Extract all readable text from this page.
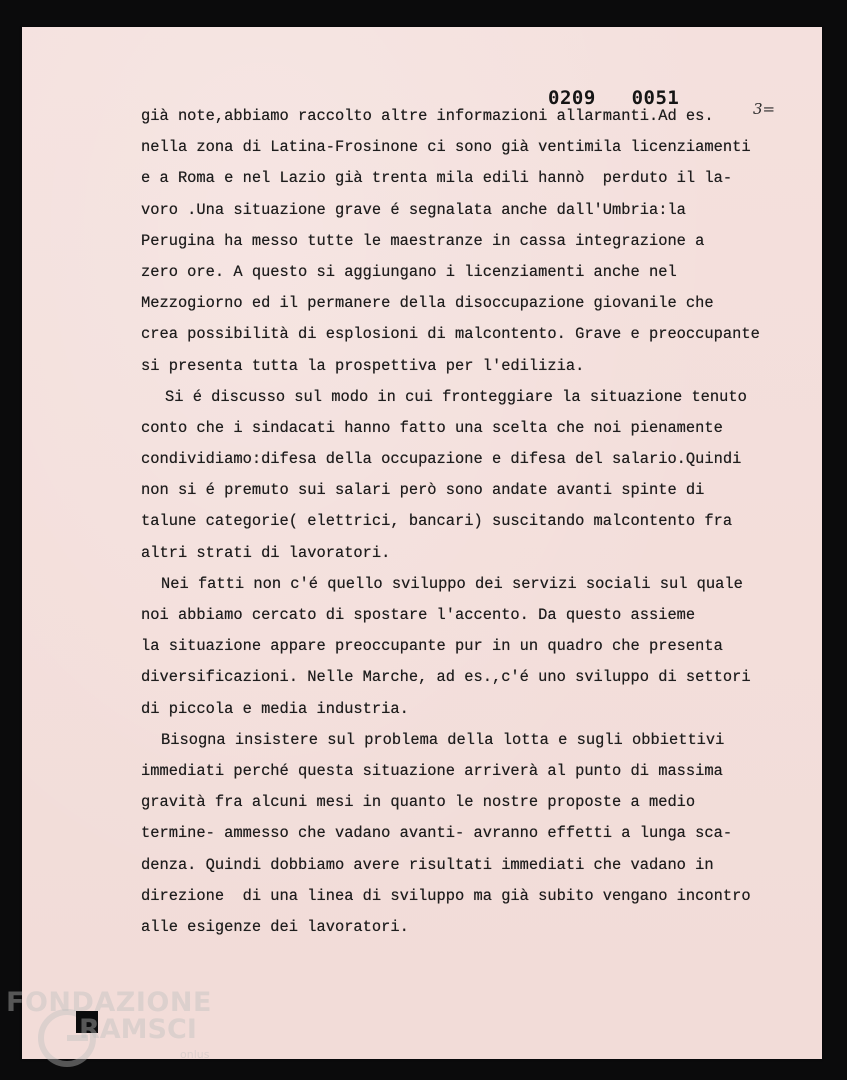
0209   0051	3=
già note,abbiamo raccolto altre informazioni allarmanti.Ad es.
nella zona di Latina-Frosinone ci sono già ventimila licenziamenti
e a Roma e nel Lazio già trenta mila edili hannò  perduto il la-
voro .Una situazione grave é segnalata anche dall'Umbria:la
Perugina ha messo tutte le maestranze in cassa integrazione a
zero ore. A questo si aggiungano i licenziamenti anche nel
Mezzogiorno ed il permanere della disoccupazione giovanile che
crea possibilità di esplosioni di malcontento. Grave e preoccupante
si presenta tutta la prospettiva per l'edilizia.
Si é discusso sul modo in cui fronteggiare la situazione tenuto
conto che i sindacati hanno fatto una scelta che noi pienamente
condividiamo:difesa della occupazione e difesa del salario.Quindi
non si é premuto sui salari però sono andate avanti spinte di
talune categorie( elettrici, bancari) suscitando malcontento fra
altri strati di lavoratori.
Nei fatti non c'é quello sviluppo dei servizi sociali sul quale
noi abbiamo cercato di spostare l'accento. Da questo assieme
la situazione appare preoccupante pur in un quadro che presenta
diversificazioni. Nelle Marche, ad es.,c'é uno sviluppo di settori
di piccola e media industria.
Bisogna insistere sul problema della lotta e sugli obbiettivi
immediati perché questa situazione arriverà al punto di massima
gravità fra alcuni mesi in quanto le nostre proposte a medio
termine- ammesso che vadano avanti- avranno effetti a lunga sca-
denza. Quindi dobbiamo avere risultati immediati che vadano in
direzione  di una linea di sviluppo ma già subito vengano incontro
alle esigenze dei lavoratori.
FONDAZIONE
RAMSCI
onlus
